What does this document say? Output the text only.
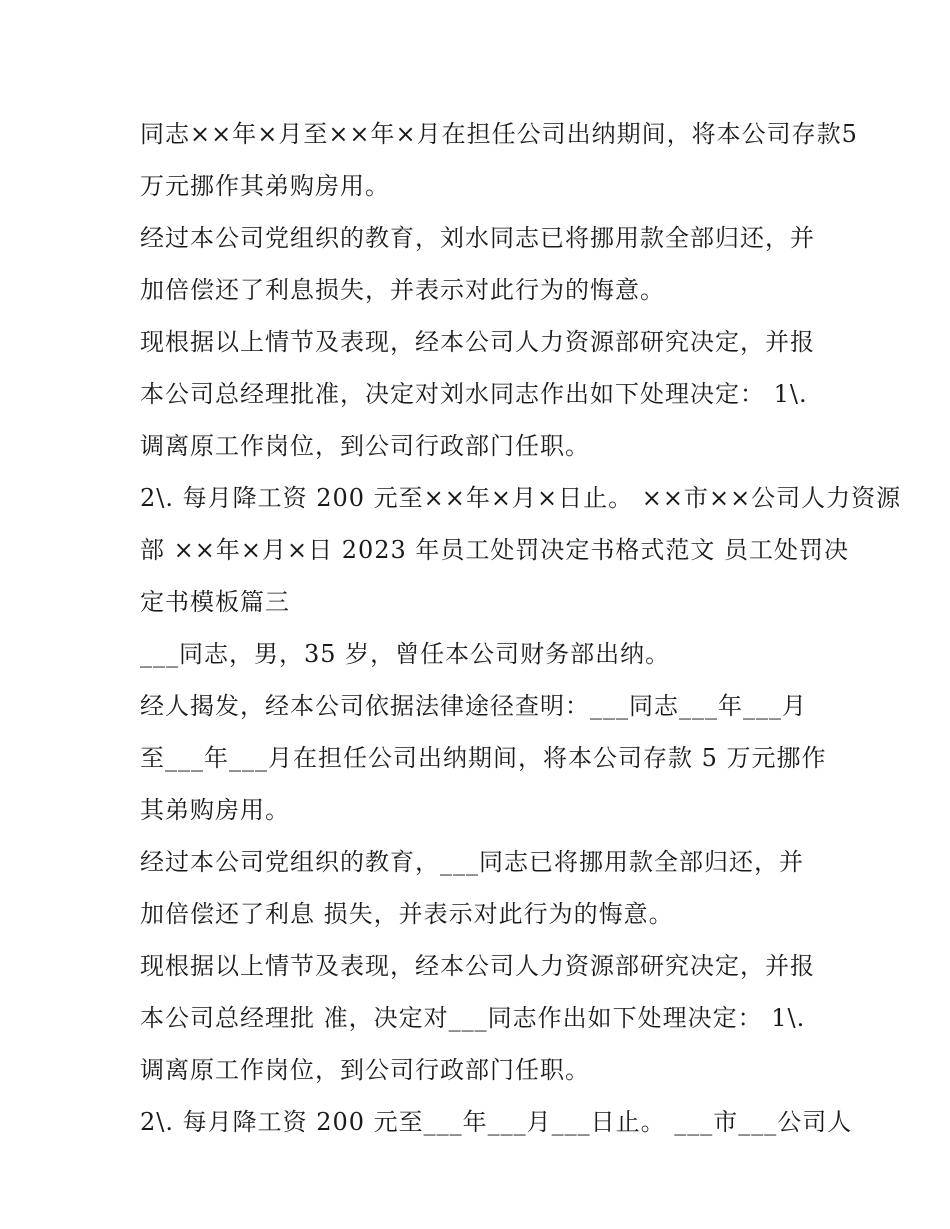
同志××年×月至××年×月在担任公司出纳期间，将本公司存款5
万元挪作其弟购房用。
经过本公司党组织的教育，刘水同志已将挪用款全部归还，并
加倍偿还了利息损失，并表示对此行为的悔意。
现根据以上情节及表现，经本公司人力资源部研究决定，并报
本公司总经理批准，决定对刘水同志作出如下处理决定： 1\.
调离原工作岗位，到公司行政部门任职。
2\. 每月降工资 200 元至××年×月×日止。 ××市××公司人力资源
部 ××年×月×日 2023 年员工处罚决定书格式范文 员工处罚决
定书模板篇三
___同志，男，35 岁，曾任本公司财务部出纳。
经人揭发，经本公司依据法律途径查明：___同志___年___月
至___年___月在担任公司出纳期间，将本公司存款 5 万元挪作
其弟购房用。
经过本公司党组织的教育，___同志已将挪用款全部归还，并
加倍偿还了利息 损失，并表示对此行为的悔意。
现根据以上情节及表现，经本公司人力资源部研究决定，并报
本公司总经理批 准，决定对___同志作出如下处理决定： 1\.
调离原工作岗位，到公司行政部门任职。
2\. 每月降工资 200 元至___年___月___日止。 ___市___公司人
